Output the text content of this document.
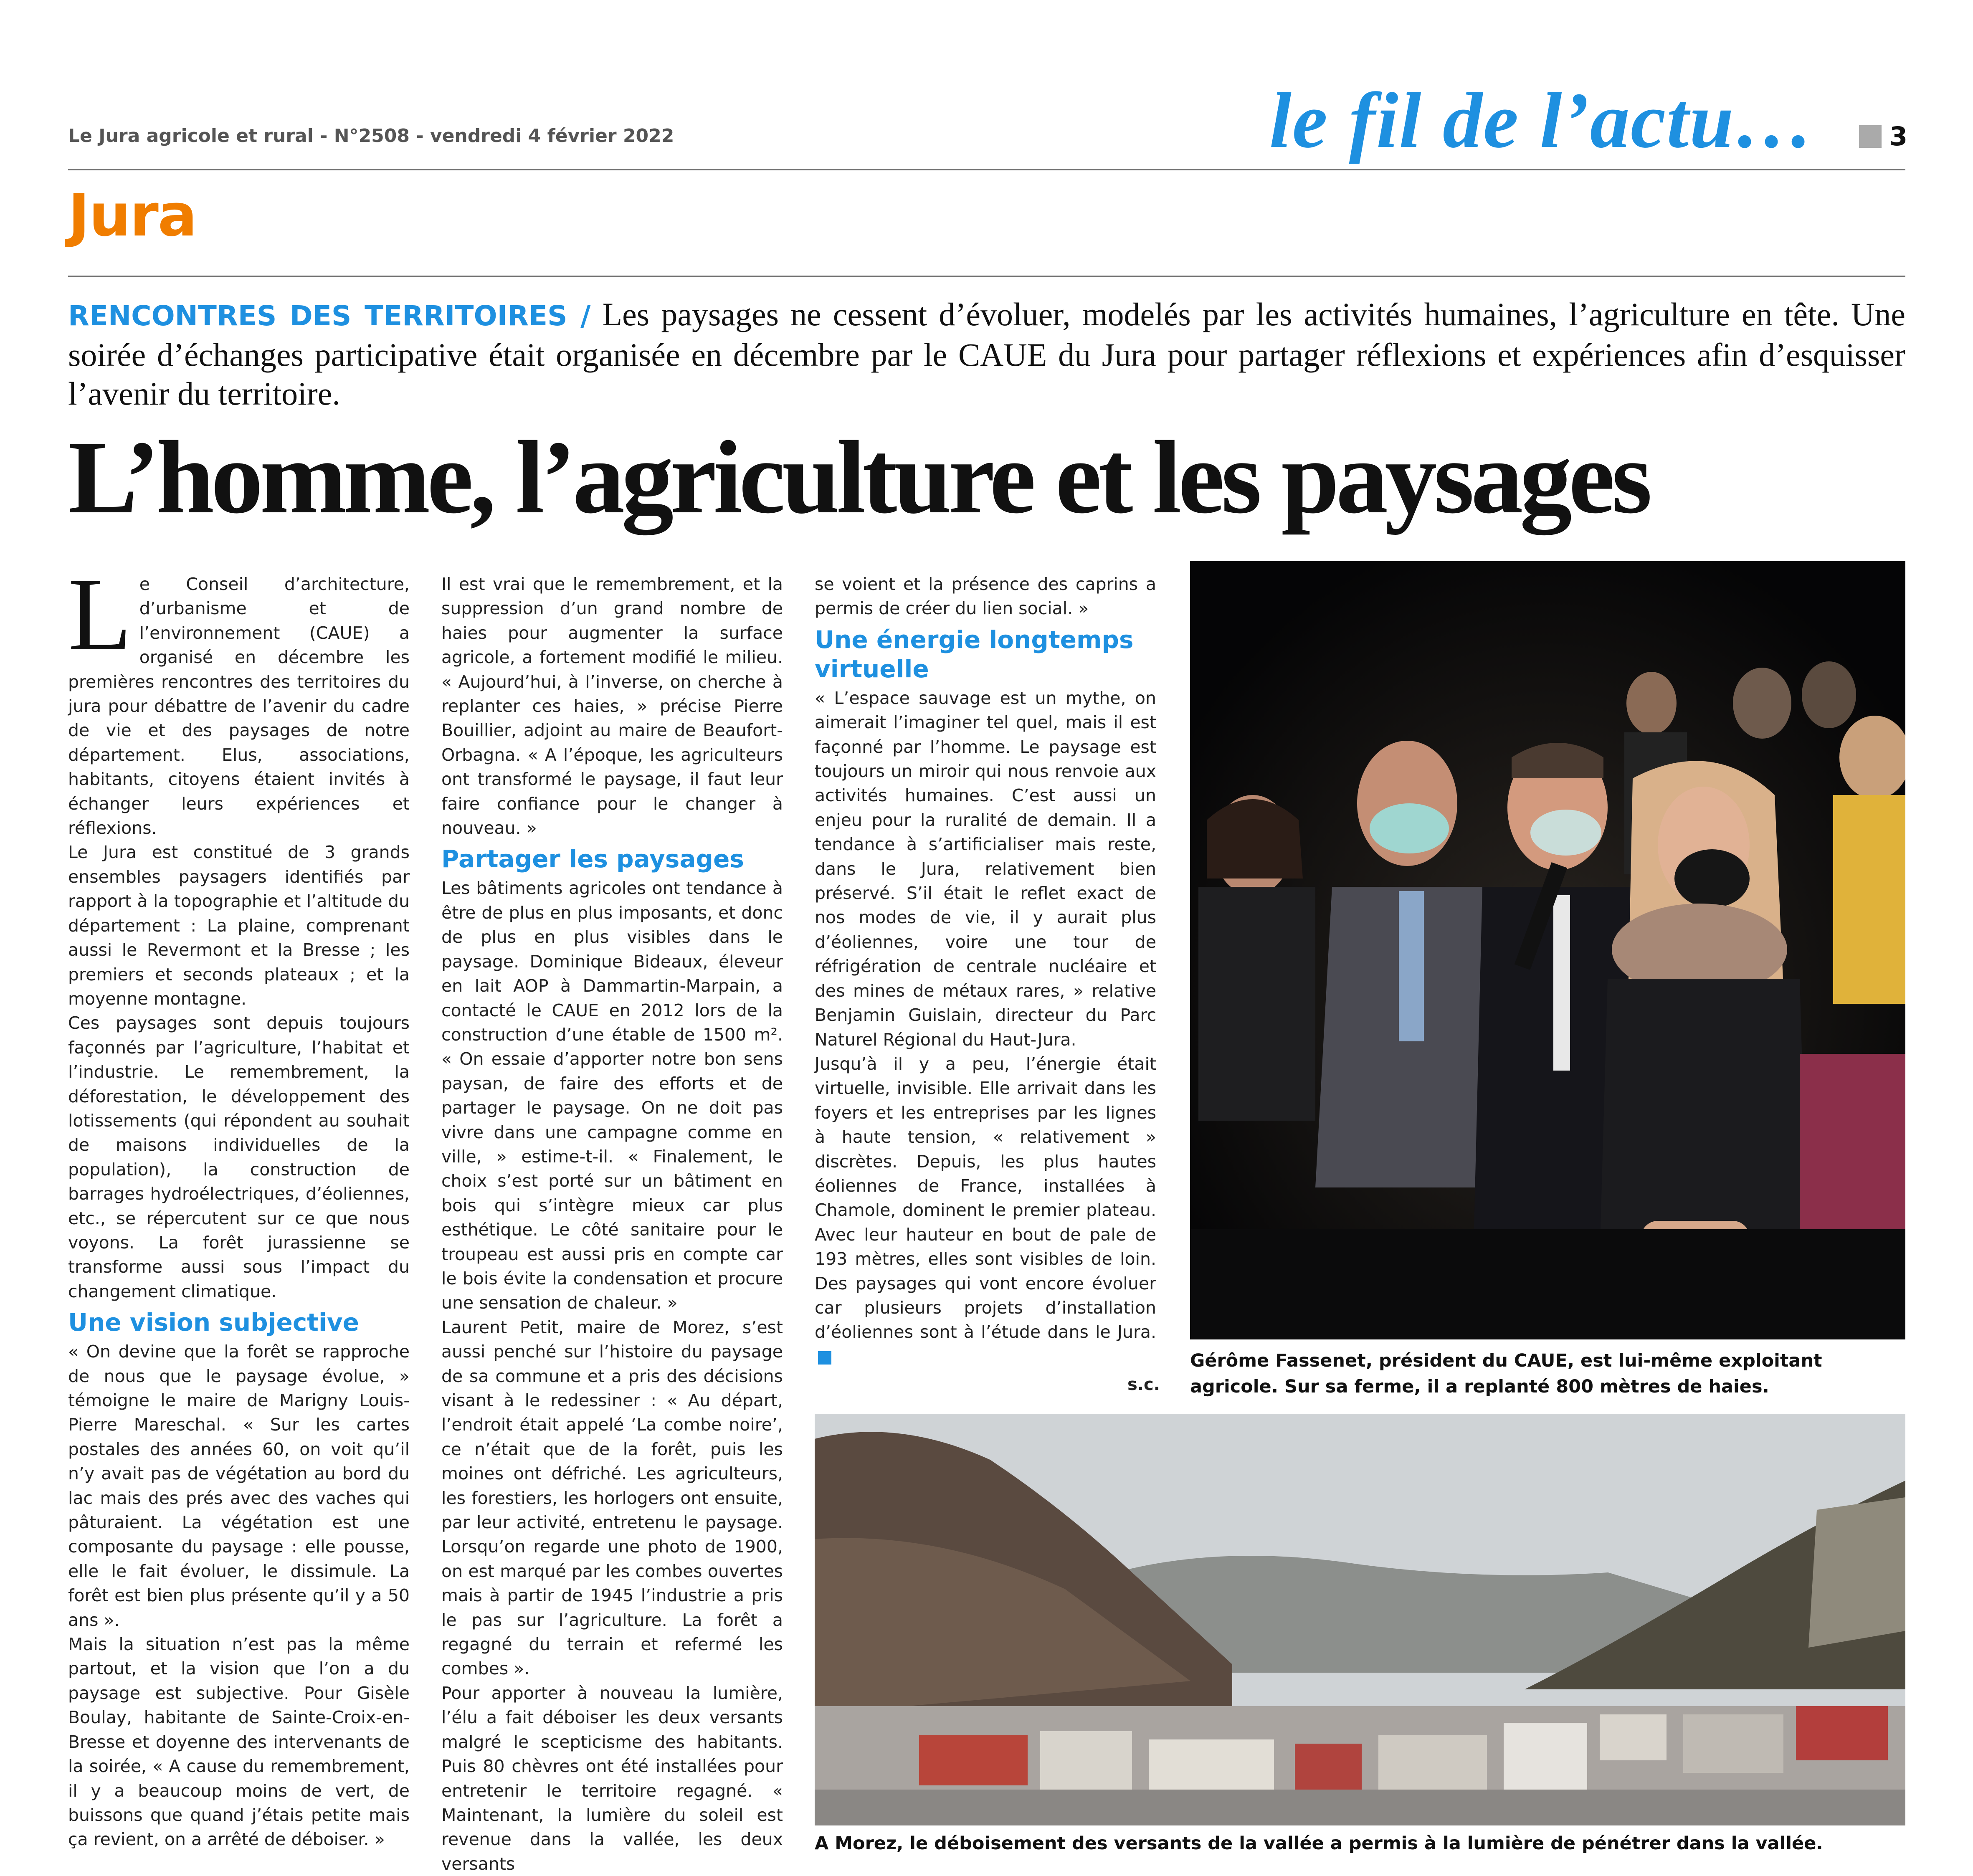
Le Jura agricole et rural - N°2508 - vendredi 4 février 2022	le fil de l’actu…	3
Jura
RENCONTRES DES TERRITOIRES / Les paysages ne cessent d’évoluer, modelés par les activités humaines, l’agriculture en tête. Une soirée d’échanges participative était organisée en décembre par le CAUE du Jura pour partager réflexions et expériences afin d’esquisser l’avenir du territoire.
L’homme, l’agriculture et les paysages

Le Conseil d’architecture, d’urbanisme et de l’environnement (CAUE) a organisé en décembre les premières rencontres des territoires du jura pour débattre de l’avenir du cadre de vie et des paysages de notre département. Elus, associations, habitants, citoyens étaient invités à échanger leurs expériences et réflexions.

Le Jura est constitué de 3 grands ensembles paysagers identifiés par rapport à la topographie et l’altitude du département : La plaine, comprenant aussi le Revermont et la Bresse ; les premiers et seconds plateaux ; et la moyenne montagne.

Ces paysages sont depuis toujours façonnés par l’agriculture, l’habitat et l’industrie. Le remembrement, la déforestation, le développement des lotissements (qui répondent au souhait de maisons individuelles de la population), la construction de barrages hydroélectriques, d’éoliennes, etc., se répercutent sur ce que nous voyons. La forêt jurassienne se transforme aussi sous l’impact du changement climatique.

Une vision subjective

« On devine que la forêt se rapproche de nous que le paysage évolue, » témoigne le maire de Marigny Louis-Pierre Mareschal. « Sur les cartes postales des années 60, on voit qu’il n’y avait pas de végétation au bord du lac mais des prés avec des vaches qui pâturaient. La végétation est une composante du paysage : elle pousse, elle le fait évoluer, le dissimule. La forêt est bien plus présente qu’il y a 50 ans ».

Mais la situation n’est pas la même partout, et la vision que l’on a du paysage est subjective. Pour Gisèle Boulay, habitante de Sainte-Croix-en-Bresse et doyenne des intervenants de la soirée, « A cause du remembrement, il y a beaucoup moins de vert, de buissons que quand j’étais petite mais ça revient, on a arrêté de déboiser. »

Il est vrai que le remembrement, et la suppression d’un grand nombre de haies pour augmenter la surface agricole, a fortement modifié le milieu. « Aujourd’hui, à l’inverse, on cherche à replanter ces haies, » précise Pierre Bouillier, adjoint au maire de Beaufort-Orbagna. « A l’époque, les agriculteurs ont transformé le paysage, il faut leur faire confiance pour le changer à nouveau. »

Partager les paysages

Les bâtiments agricoles ont tendance à être de plus en plus imposants, et donc de plus en plus visibles dans le paysage. Dominique Bideaux, éleveur en lait AOP à Dammartin-Marpain, a contacté le CAUE en 2012 lors de la construction d’une étable de 1500 m². « On essaie d’apporter notre bon sens paysan, de faire des efforts et de partager le paysage. On ne doit pas vivre dans une campagne comme en ville, » estime-t-il. « Finalement, le choix s’est porté sur un bâtiment en bois qui s’intègre mieux car plus esthétique. Le côté sanitaire pour le troupeau est aussi pris en compte car le bois évite la condensation et procure une sensation de chaleur. »

Laurent Petit, maire de Morez, s’est aussi penché sur l’histoire du paysage de sa commune et a pris des décisions visant à le redessiner : « Au départ, l’endroit était appelé ‘La combe noire’, ce n’était que de la forêt, puis les moines ont défriché. Les agriculteurs, les forestiers, les horlogers ont ensuite, par leur activité, entretenu le paysage. Lorsqu’on regarde une photo de 1900, on est marqué par les combes ouvertes mais à partir de 1945 l’industrie a pris le pas sur l’agriculture. La forêt a regagné du terrain et refermé les combes ».

Pour apporter à nouveau la lumière, l’élu a fait déboiser les deux versants malgré le scepticisme des habitants. Puis 80 chèvres ont été installées pour entretenir le territoire regagné. « Maintenant, la lumière du soleil est revenue dans la vallée, les deux versants

se voient et la présence des caprins a permis de créer du lien social. »

Une énergie longtemps virtuelle

« L’espace sauvage est un mythe, on aimerait l’imaginer tel quel, mais il est façonné par l’homme. Le paysage est toujours un miroir qui nous renvoie aux activités humaines. C’est aussi un enjeu pour la ruralité de demain. Il a tendance à s’artificialiser mais reste, dans le Jura, relativement bien préservé. S’il était le reflet exact de nos modes de vie, il y aurait plus d’éoliennes, voire une tour de réfrigération de centrale nucléaire et des mines de métaux rares, » relative Benjamin Guislain, directeur du Parc Naturel Régional du Haut-Jura.

Jusqu’à il y a peu, l’énergie était virtuelle, invisible. Elle arrivait dans les foyers et les entreprises par les lignes à haute tension, « relativement » discrètes. Depuis, les plus hautes éoliennes de France, installées à Chamole, dominent le premier plateau. Avec leur hauteur en bout de pale de 193 mètres, elles sont visibles de loin. Des paysages qui vont encore évoluer car plusieurs projets d’installation d’éoliennes sont à l’étude dans le Jura.

s.c.
Gérôme Fassenet, président du CAUE, est lui-même exploitant agricole. Sur sa ferme, il a replanté 800 mètres de haies.
A Morez, le déboisement des versants de la vallée a permis à la lumière de pénétrer dans la vallée.
